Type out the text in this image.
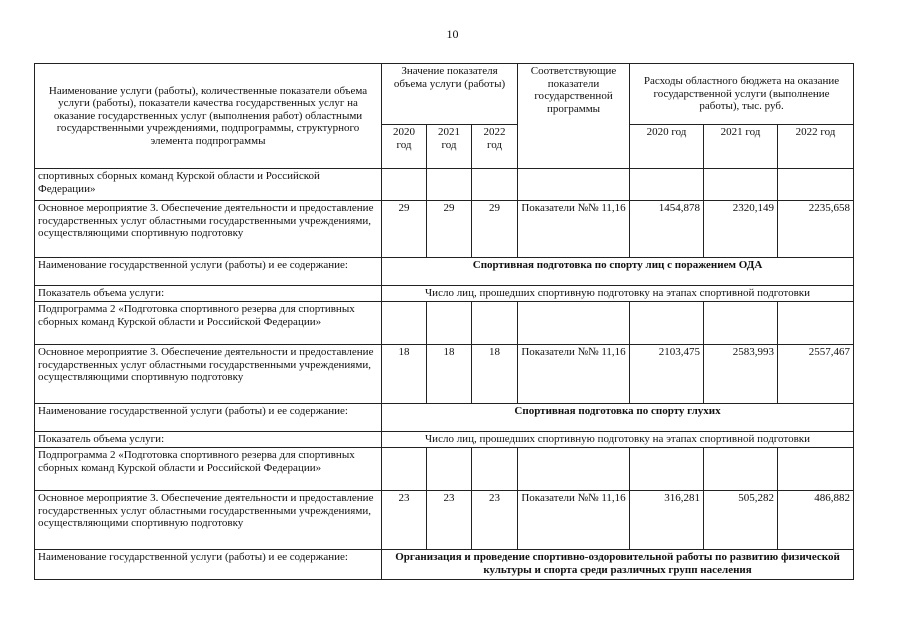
10
Наименование услуги (работы), количественные показатели объема услуги (работы), показатели качества государственных услуг на оказание государственных услуг (выполнения работ) областными государственными учреждениями, подпрограммы, структурного элемента подпрограммы	Значение показателя объема услуги (работы)			Соответствующие показатели государственной программы	Расходы областного бюджета на оказание государственной услуги (выполнение работы), тыс. руб.		
	2020 год	2021 год	2022 год		2020 год	2021 год	2022 год
спортивных сборных команд Курской области и Российской Федерации»							
Основное мероприятие 3. Обеспечение деятельности и предоставление государственных услуг областными государственными учреждениями, осуществляющими спортивную подготовку	29	29	29	Показатели №№ 11,16	1454,878	2320,149	2235,658
Наименование государственной услуги (работы) и ее содержание:	Спортивная подготовка по спорту лиц с поражением ОДА						
Показатель объема услуги:	Число лиц, прошедших спортивную подготовку на этапах спортивной подготовки						
Подпрограмма 2 «Подготовка спортивного резерва для спортивных сборных команд Курской области и Российской Федерации»							
Основное мероприятие 3. Обеспечение деятельности и предоставление государственных услуг областными государственными учреждениями, осуществляющими спортивную подготовку	18	18	18	Показатели №№ 11,16	2103,475	2583,993	2557,467
Наименование государственной услуги (работы) и ее содержание:	Спортивная подготовка по спорту глухих						
Показатель объема услуги:	Число лиц, прошедших спортивную подготовку на этапах спортивной подготовки						
Подпрограмма 2 «Подготовка спортивного резерва для спортивных сборных команд Курской области и Российской Федерации»							
Основное мероприятие 3. Обеспечение деятельности и предоставление государственных услуг областными государственными учреждениями, осуществляющими спортивную подготовку	23	23	23	Показатели №№ 11,16	316,281	505,282	486,882
Наименование государственной услуги (работы) и ее содержание:	Организация и проведение спортивно-оздоровительной работы по развитию физической культуры и спорта среди различных групп населения						
